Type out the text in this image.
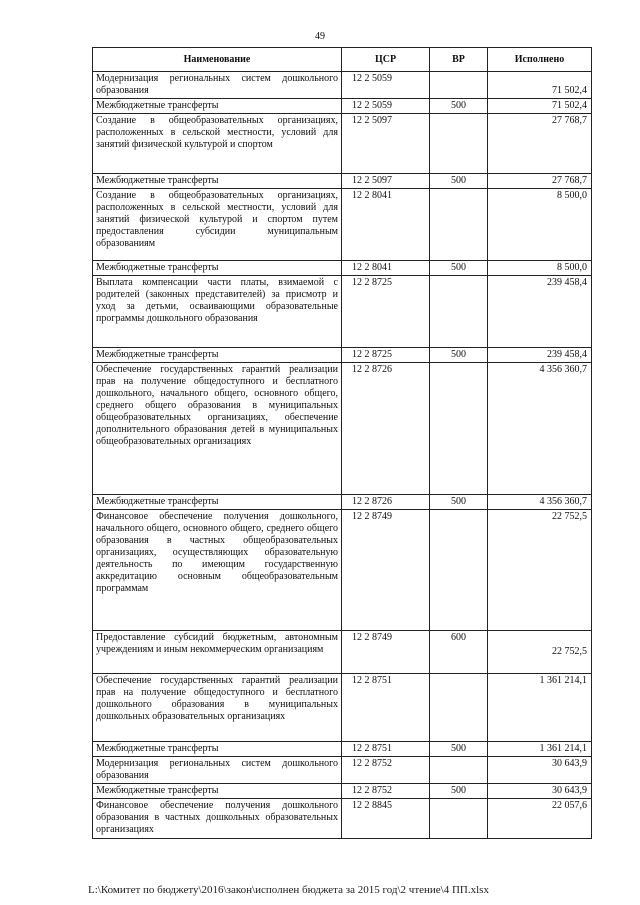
49
Наименование	ЦСР	ВР	Исполнено
Модернизация региональных систем дошкольного образования	12 2 5059		71 502,4
Межбюджетные трансферты	12 2 5059	500	71 502,4
Создание в общеобразовательных организациях, расположенных в сельской местности, условий для занятий физической культурой и спортом	12 2 5097		27 768,7
Межбюджетные трансферты	12 2 5097	500	27 768,7
Создание в общеобразовательных организациях, расположенных в сельской местности, условий для занятий физической культурой и спортом путем предоставления субсидии муниципальным образованиям	12 2 8041		8 500,0
Межбюджетные трансферты	12 2 8041	500	8 500,0
Выплата компенсации части платы, взимаемой с родителей (законных представителей) за присмотр и уход за детьми, осваивающими образовательные программы дошкольного образования	12 2 8725		239 458,4
Межбюджетные трансферты	12 2 8725	500	239 458,4
Обеспечение государственных гарантий реализации прав на получение общедоступного и бесплатного дошкольного, начального общего, основного общего, среднего общего образования в муниципальных общеобразовательных организациях, обеспечение дополнительного образования детей в муниципальных общеобразовательных организациях	12 2 8726		4 356 360,7
Межбюджетные трансферты	12 2 8726	500	4 356 360,7
Финансовое обеспечение получения дошкольного, начального общего, основного общего, среднего общего образования в частных общеобразовательных организациях, осуществляющих образовательную деятельность по имеющим государственную аккредитацию основным общеобразовательным программам	12 2 8749		22 752,5
Предоставление субсидий бюджетным, автономным учреждениям и иным некоммерческим организациям	12 2 8749	600	22 752,5
Обеспечение государственных гарантий реализации прав на получение общедоступного и бесплатного дошкольного образования в муниципальных дошкольных образовательных организациях	12 2 8751		1 361 214,1
Межбюджетные трансферты	12 2 8751	500	1 361 214,1
Модернизация региональных систем дошкольного образования	12 2 8752		30 643,9
Межбюджетные трансферты	12 2 8752	500	30 643,9
Финансовое обеспечение получения дошкольного образования в частных дошкольных образовательных организациях	12 2 8845		22 057,6
L:\Комитет по бюджету\2016\закон\исполнен бюджета за 2015 год\2 чтение\4 ПП.xlsx
